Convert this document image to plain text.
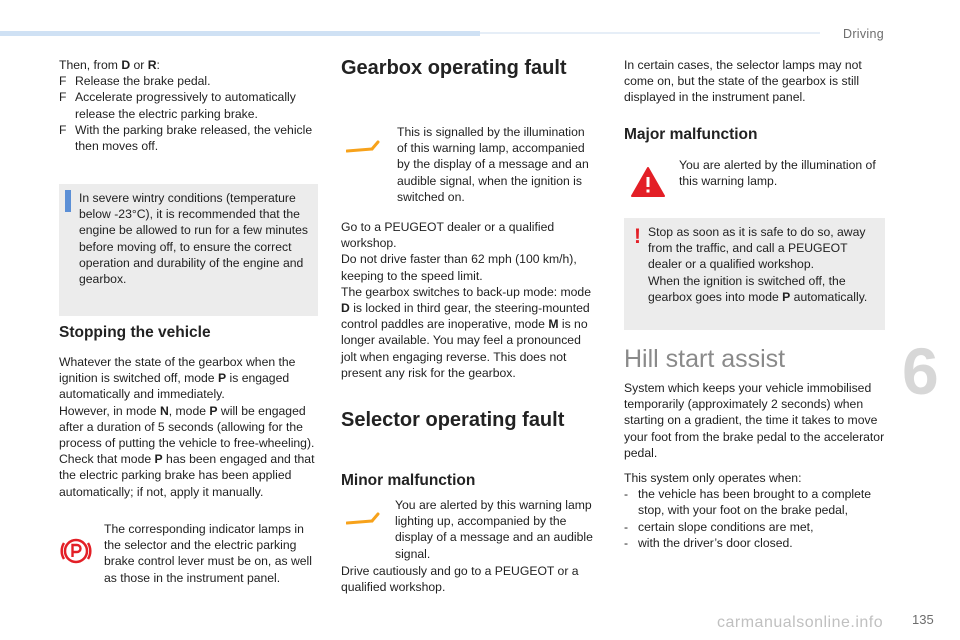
Driving
6
135
carmanualsonline.info

Then, from D or R:

F Release the brake pedal.
F Accelerate progressively to automatically release the electric parking brake.
F With the parking brake released, the vehicle then moves off.
In severe wintry conditions (temperature below -23°C), it is recommended that the engine be allowed to run for a few minutes before moving off, to ensure the correct operation and durability of the engine and gearbox.
Stopping the vehicle

Whatever the state of the gearbox when the ignition is switched off, mode P is engaged automatically and immediately.

However, in mode N, mode P will be engaged after a duration of 5 seconds (allowing for the process of putting the vehicle to free-wheeling).

Check that mode P has been engaged and that the electric parking brake has been applied automatically; if not, apply it manually.

The corresponding indicator lamps in the selector and the electric parking brake control lever must be on, as well as those in the instrument panel.
Gearbox operating fault
This is signalled by the illumination of this warning lamp, accompanied by the display of a message and an audible signal, when the ignition is switched on.

Go to a PEUGEOT dealer or a qualified workshop.

Do not drive faster than 62 mph (100 km/h), keeping to the speed limit.

The gearbox switches to back-up mode: mode D is locked in third gear, the steering-mounted control paddles are inoperative, mode M is no longer available. You may feel a pronounced jolt when engaging reverse. This does not present any risk for the gearbox.

Selector operating fault
Minor malfunction
You are alerted by this warning lamp lighting up, accompanied by the display of a message and an audible signal.
Drive cautiously and go to a PEUGEOT or a qualified workshop.
In certain cases, the selector lamps may not come on, but the state of the gearbox is still displayed in the instrument panel.
Major malfunction
You are alerted by the illumination of this warning lamp.
! Stop as soon as it is safe to do so, away from the traffic, and call a PEUGEOT dealer or a qualified workshop.

When the ignition is switched off, the gearbox goes into mode P automatically.

Hill start assist

System which keeps your vehicle immobilised temporarily (approximately 2 seconds) when starting on a gradient, the time it takes to move your foot from the brake pedal to the accelerator pedal.

This system only operates when:

- the vehicle has been brought to a complete stop, with your foot on the brake pedal,
- certain slope conditions are met,
- with the driver’s door closed.
